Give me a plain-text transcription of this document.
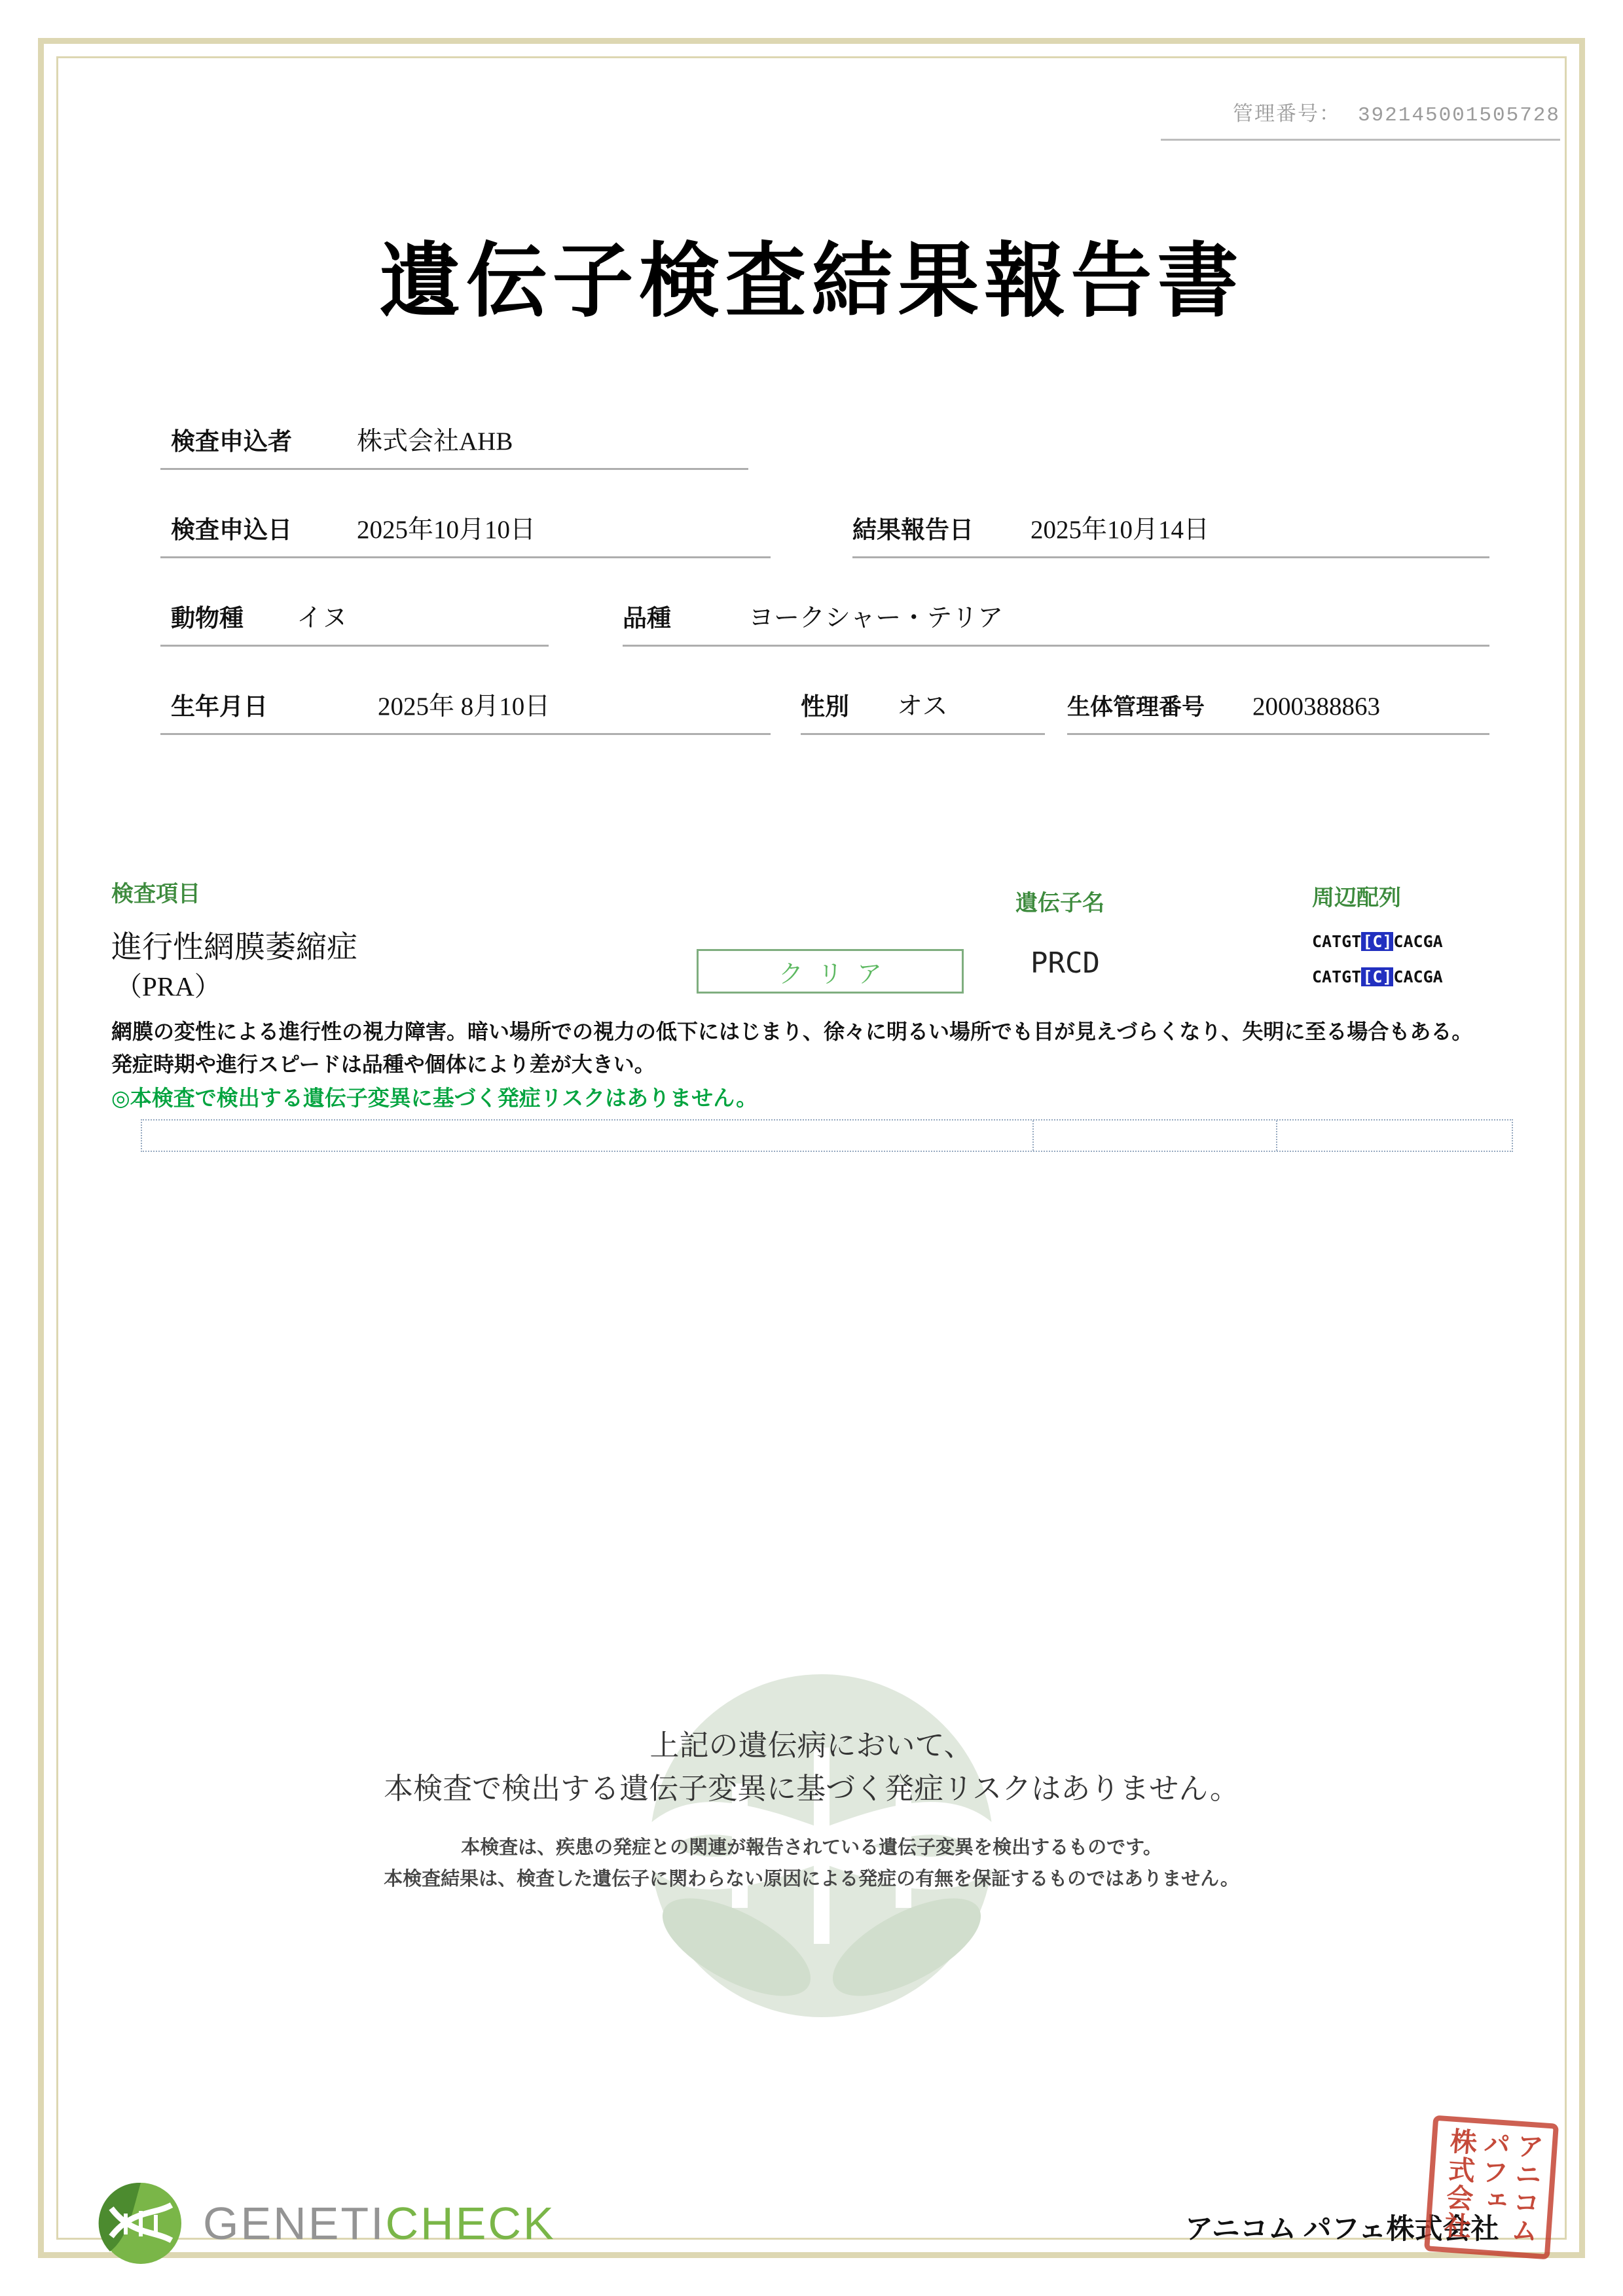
管理番号： 392145001505728
遺伝子検査結果報告書
検査申込者	株式会社AHB
検査申込日	2025年10月10日	結果報告日	2025年10月14日
動物種	イヌ	品種	ヨークシャー・テリア
生年月日	2025年 8月10日	性別	オス	生体管理番号	2000388863
検査項目	遺伝子名	周辺配列
進行性網膜萎縮症
（PRA）	クリア	PRCD
CATGT[C]CACGA
CATGT[C]CACGA
網膜の変性による進行性の視力障害。暗い場所での視力の低下にはじまり、徐々に明るい場所でも目が見えづらくなり、失明に至る場合もある。
発症時期や進行スピードは品種や個体により差が大きい。
◎本検査で検出する遺伝子変異に基づく発症リスクはありません。
上記の遺伝病において、
本検査で検出する遺伝子変異に基づく発症リスクはありません。
本検査は、疾患の発症との関連が報告されている遺伝子変異を検出するものです。
本検査結果は、検査した遺伝子に関わらない原因による発症の有無を保証するものではありません。
GENETICHECK	アニコム パフェ株式会社 アニコム
パフェ
株式会社
